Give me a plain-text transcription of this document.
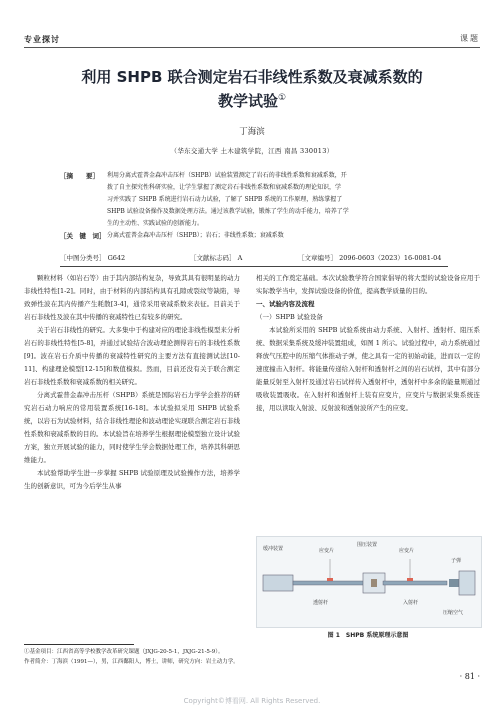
专业探讨	课题
利用 SHPB 联合测定岩石非线性系数及衰减系数的
教学试验①
丁海滨
（华东交通大学 土木建筑学院，江西 南昌 330013）
［摘　　要］ 利用分离式霍普金森冲击压杆（SHPB）试验装置测定了岩石的非线性系数和衰减系数，开
拨了自主探究性科研实验，让学生掌握了测定岩石非线性系数和衰减系数的理论知识，学
习并实践了 SHPB 系统进行岩石动力试验，了解了 SHPB 系统的工作原理，熟练掌握了
SHPB 试验设备操作及数据处理方法。通过该教学试验，锻炼了学生的动手能力，培养了学
生的主动性、实践试验的创新能力。
［关　键　词］ 分离式霍普金森冲击压杆（SHPB）；岩石；非线性系数；衰减系数
［中图分类号］ G642	［文献标志码］ A	［文章编号］ 2096-0603（2023）16-0081-04

颗粒材料（如岩石等）由于其内部结构复杂，导致其具有很明显的动力非线性特性[1-2]。同时，由于材料的内部结构具有孔隙或裂纹等缺陷，导致弹性波在其内传播产生耗散[3-4]，通常采用衰减系数来表征。目前关于岩石非线性及波在其中传播的衰减特性已有较多的研究。

关于岩石非线性的研究。大多集中于构建对应的理论非线性模型来分析岩石的非线性特性[5-8]，并通过试验结合波动理论测得岩石的非线性系数[9]。波在岩石介质中传播的衰减特性研究的主要方法有直接测试法[10-11]、构建理论模型[12-15]和数值模拟。然而，目前还没有关于联合测定岩石非线性系数和衰减系数的相关研究。

分离式霍普金森冲击压杆（SHPB）系统是国际岩石力学学会推荐的研究岩石动力响应的常用装置系统[16-18]。本试验拟采用 SHPB 试验系统，以岩石为试验材料，结合非线性理论和波动理论实现联合测定岩石非线性系数和衰减系数的目的。本试验旨在培养学生根据理论模型独立设计试验方案，独立开展试验的能力，同时使学生学会数据处理工作，培养其科研思维能力。

本试验帮助学生进一步掌握 SHPB 试验原理及试验操作方法，培养学生的创新意识，可为今后学生从事

相关的工作奠定基础。本次试验教学符合国家倡导的将大型的试验设备应用于实际教学当中，发挥试验设备的价值，提高教学质量的目的。

一、试验内容及流程

（一）SHPB 试验设备

本试验所采用的 SHPB 试验系统由动力系统、入射杆、透射杆、阻压系统、数据采集系统及缓冲装置组成，如图 1 所示。试验过程中，动力系统通过释放气压腔中的压缩气体推动子弹，使之具有一定的初始动能，进而以一定的速度撞击入射杆。将能量传递给入射杆和透射杆之间的岩石试样，其中有部分能量反射至入射杆及通过岩石试样传入透射杆中，透射杆中多余的能量则通过吸收装置吸收。在入射杆和透射杆上装有应变片，应变片与数据采集系统连接，用以读取入射波、反射波和透射波所产生的应变。

缓冲装置	应变片
围压装置
应变片
子弹
透射杆	入射杆
压缩空气
图 1　SHPB 系统原理示意图
①基金项目：江西省高等学校教学改革研究课题（JXJG-20-5-1，JXJG-21-5-9）。
作者简介：丁海滨（1991—），男，江西鄱阳人，博士，讲师，研究方向：岩土动力学。
· 81 ·
Copyright©博看网. All Rights Reserved.
